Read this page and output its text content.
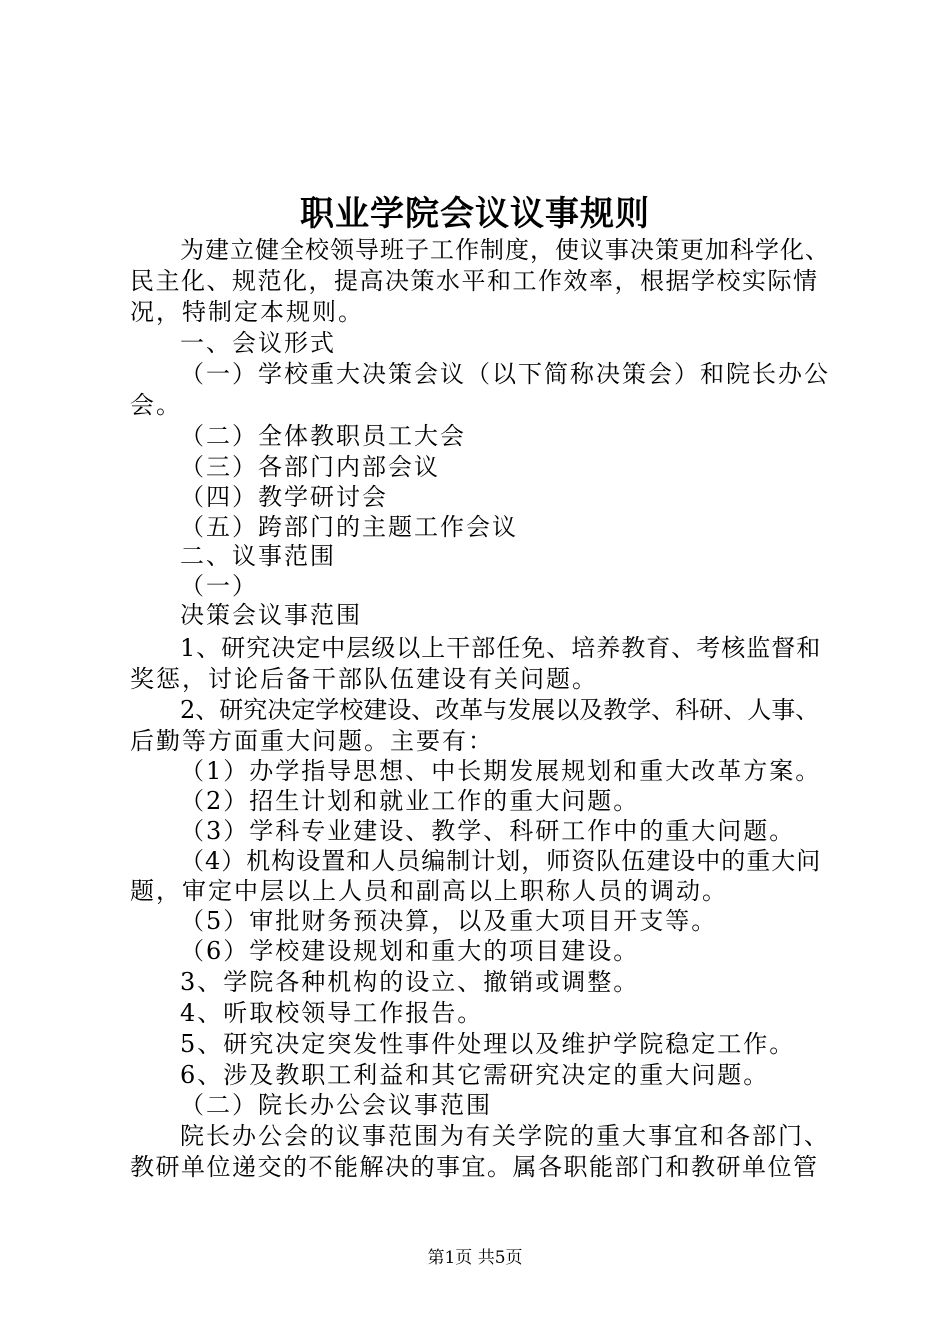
职业学院会议议事规则
为建立健全校领导班子工作制度，使议事决策更加科学化、
民主化、规范化，提高决策水平和工作效率，根据学校实际情
况，特制定本规则。
一、会议形式
（一）学校重大决策会议（以下简称决策会）和院长办公
会。
（二）全体教职员工大会
（三）各部门内部会议
（四）教学研讨会
（五）跨部门的主题工作会议
二、议事范围
（一）
决策会议事范围
1、研究决定中层级以上干部任免、培养教育、考核监督和
奖惩，讨论后备干部队伍建设有关问题。
2、研究决定学校建设、改革与发展以及教学、科研、人事、
后勤等方面重大问题。主要有：
（1）办学指导思想、中长期发展规划和重大改革方案。
（2）招生计划和就业工作的重大问题。
（3）学科专业建设、教学、科研工作中的重大问题。
（4）机构设置和人员编制计划，师资队伍建设中的重大问
题，审定中层以上人员和副高以上职称人员的调动。
（5）审批财务预决算，以及重大项目开支等。
（6）学校建设规划和重大的项目建设。
3、学院各种机构的设立、撤销或调整。
4、听取校领导工作报告。
5、研究决定突发性事件处理以及维护学院稳定工作。
6、涉及教职工利益和其它需研究决定的重大问题。
（二）院长办公会议事范围
院长办公会的议事范围为有关学院的重大事宜和各部门、
教研单位递交的不能解决的事宜。属各职能部门和教研单位管
第1页 共5页
